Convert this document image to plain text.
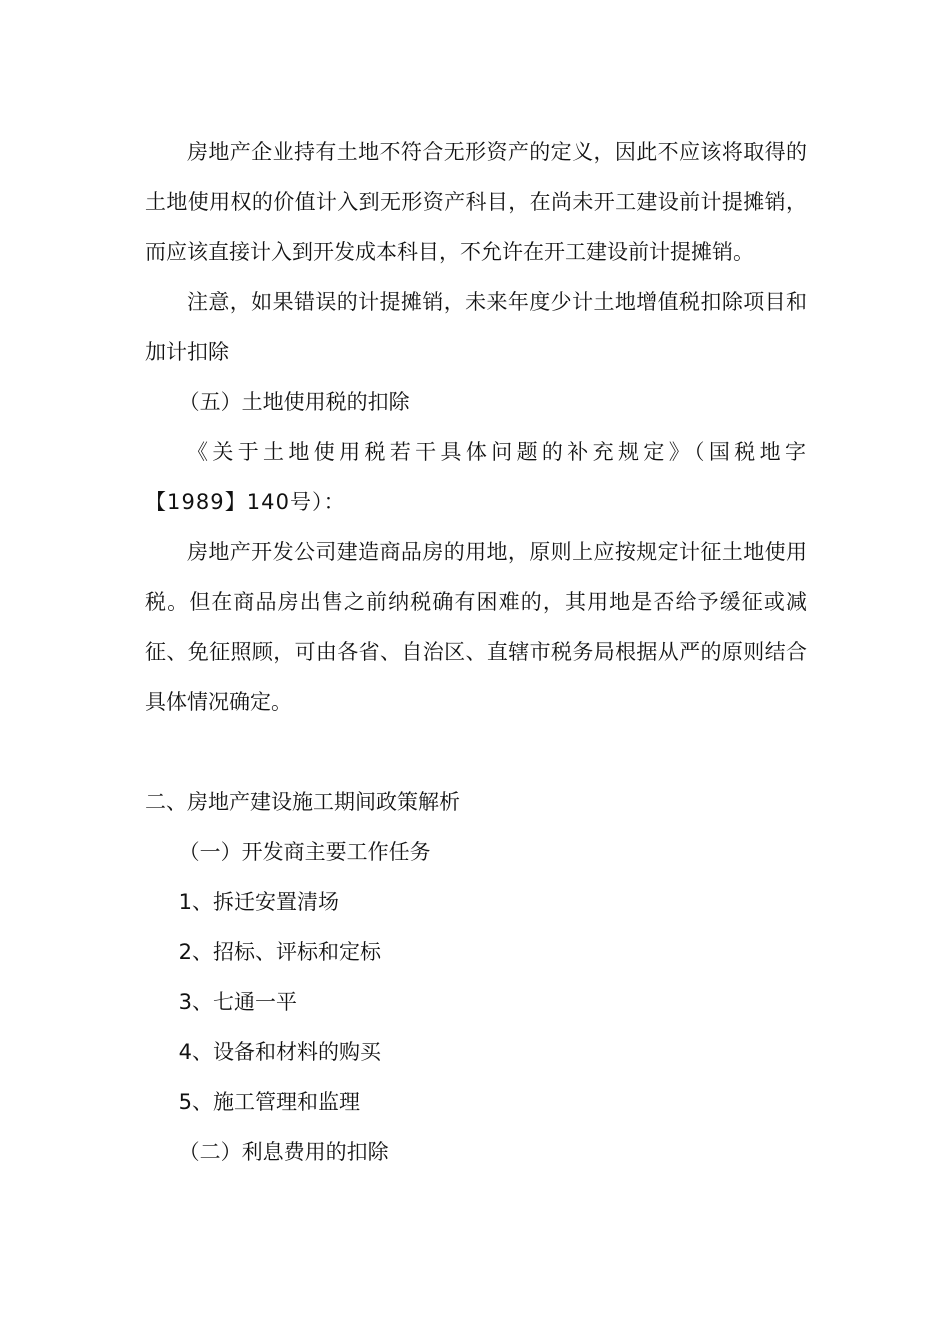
房地产企业持有土地不符合无形资产的定义，因此不应该将取得的土地使用权的价值计入到无形资产科目，在尚未开工建设前计提摊销，而应该直接计入到开发成本科目，不允许在开工建设前计提摊销。

注意，如果错误的计提摊销，未来年度少计土地增值税扣除项目和加计扣除

（五）土地使用税的扣除

《关于土地使用税若干具体问题的补充规定》（国税地字【1989】140号）：

房地产开发公司建造商品房的用地，原则上应按规定计征土地使用税。但在商品房出售之前纳税确有困难的，其用地是否给予缓征或减征、免征照顾，可由各省、自治区、直辖市税务局根据从严的原则结合具体情况确定。

二、房地产建设施工期间政策解析

（一）开发商主要工作任务

1、拆迁安置清场

2、招标、评标和定标

3、七通一平

4、设备和材料的购买

5、施工管理和监理

（二）利息费用的扣除
